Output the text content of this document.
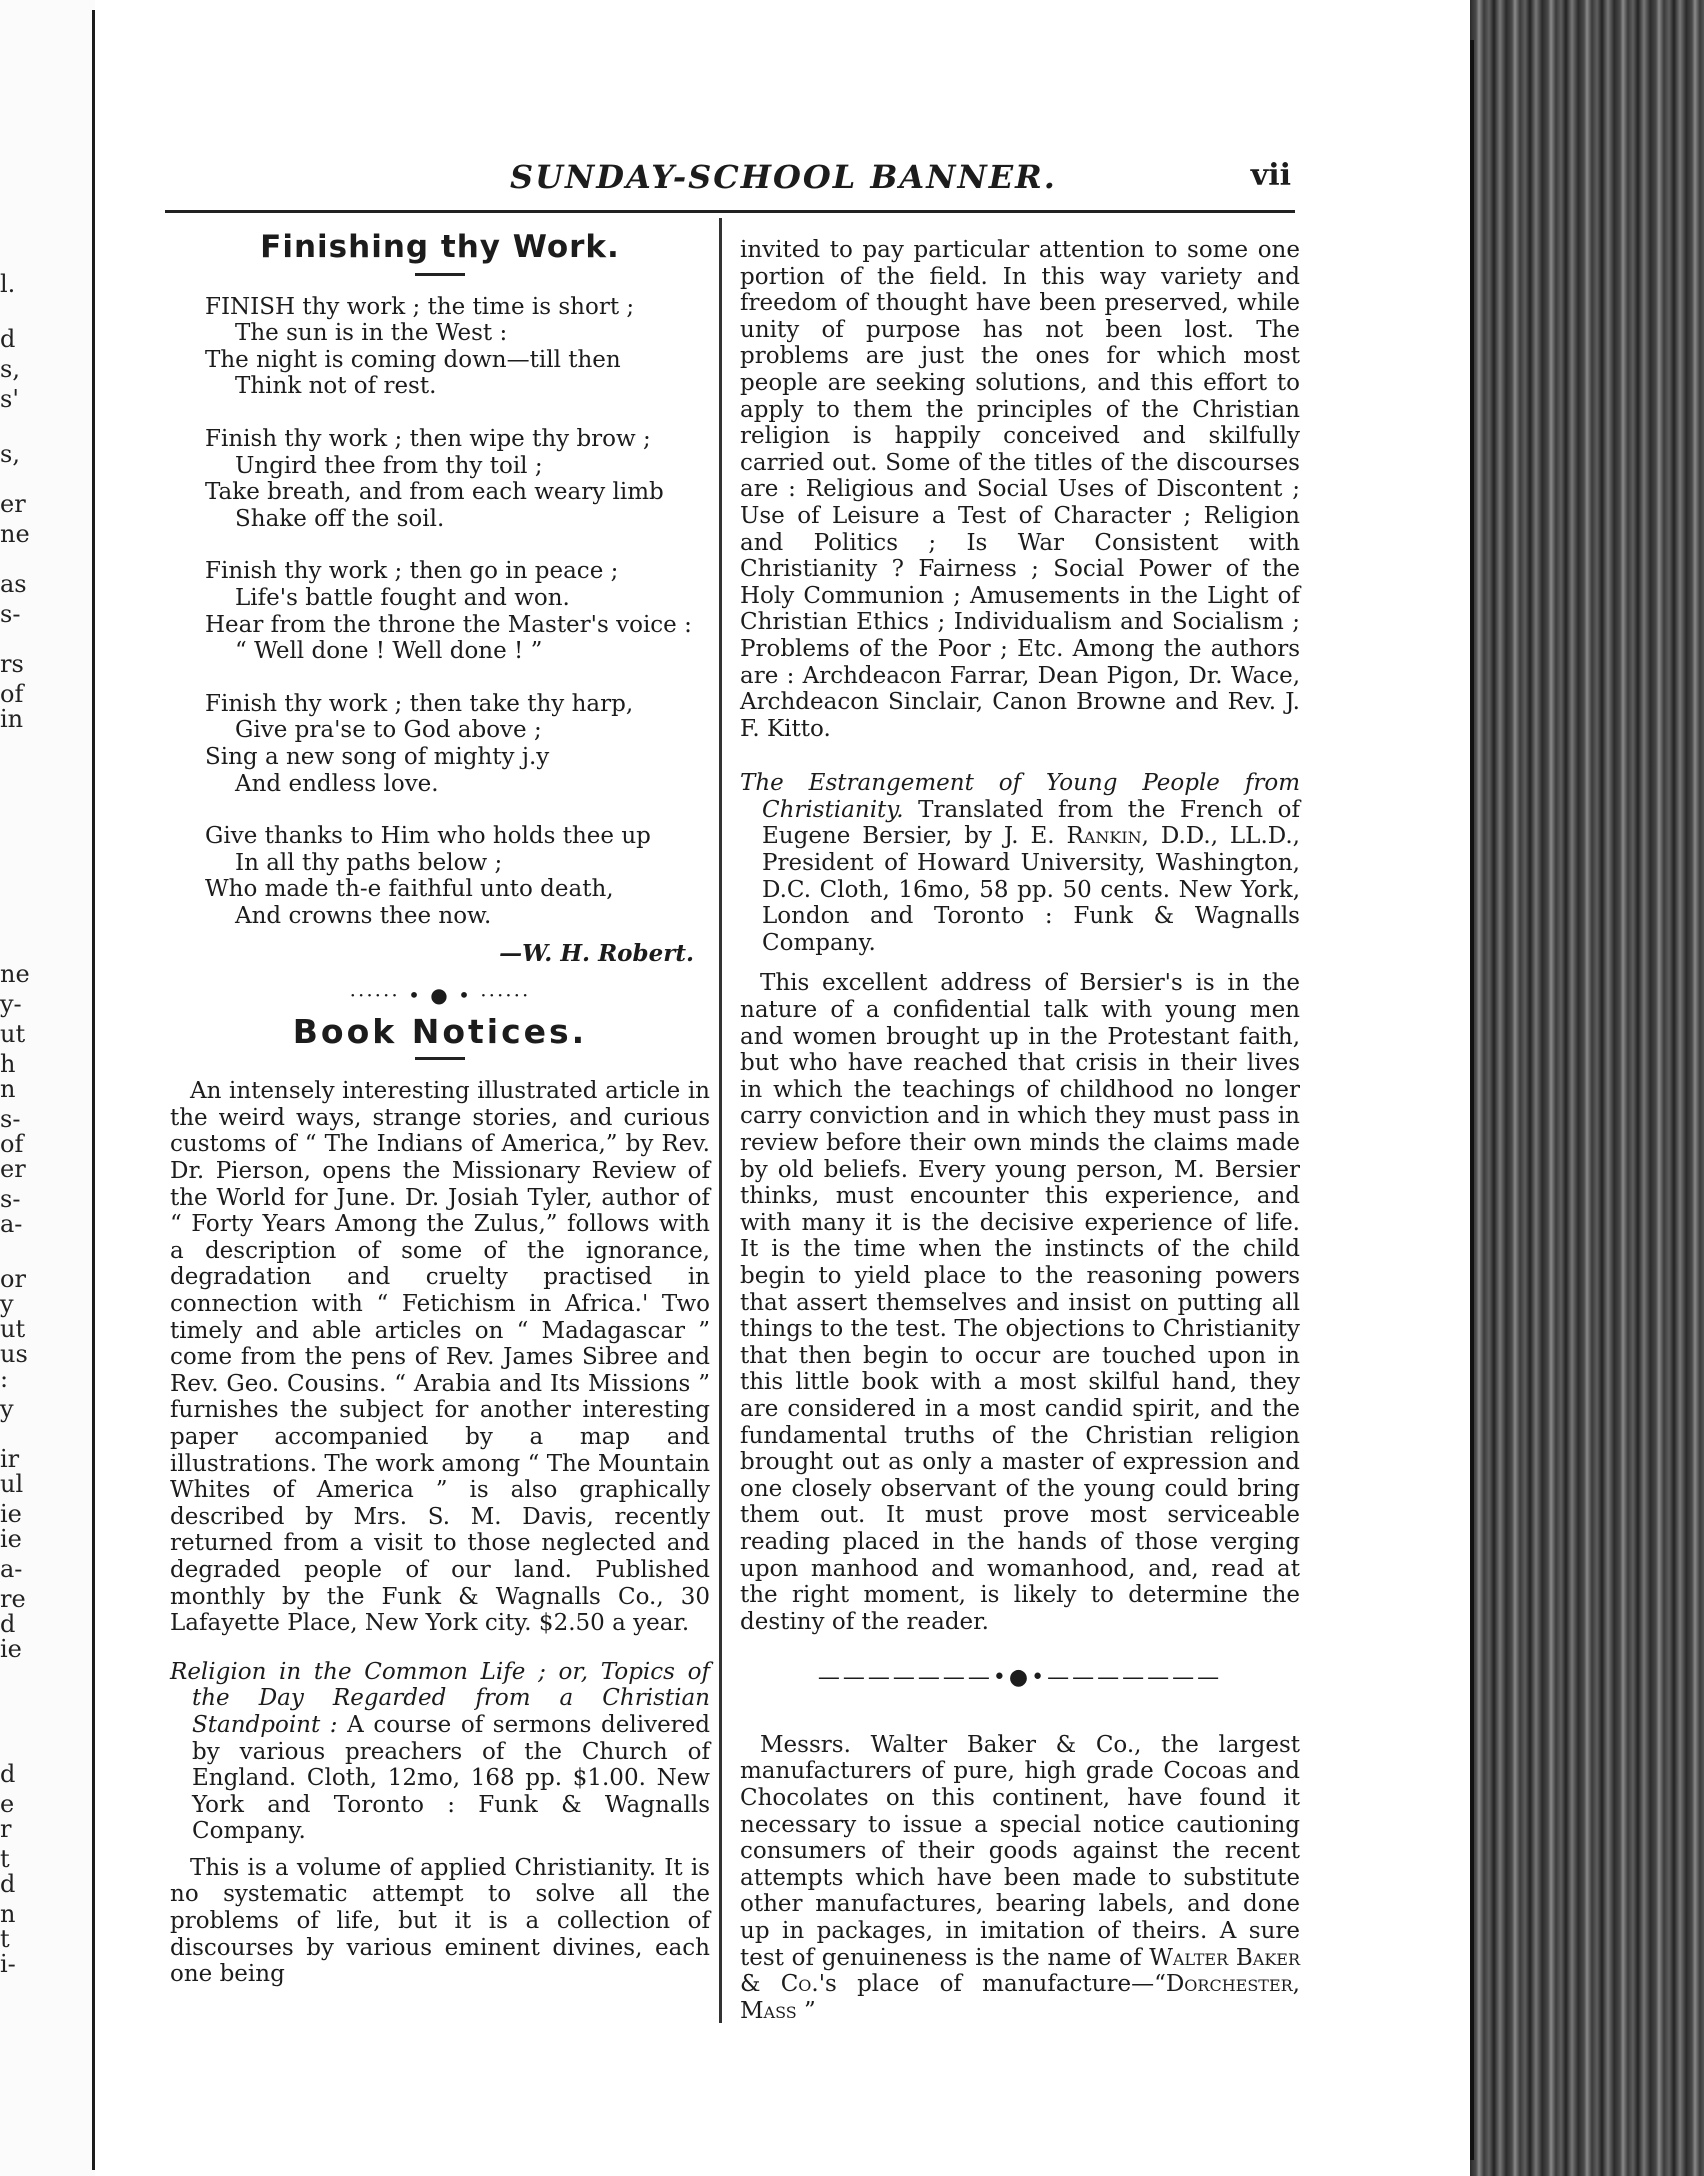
l.
d
s,
s'
s,
er
ne
as
s-
rs
of
in
ne
y-
ut
h
n
s-
of
er
s-
a-
or
y
ut
us
:
y
ir
ul
ie
ie
a-
re
d
ie
d
e
r
t
d
n
t
i-
SUNDAY-SCHOOL BANNER.	vii
Finishing thy Work.
FINISH thy work ; the time is short ;
The sun is in the West :
The night is coming down—till then
Think not of rest.
Finish thy work ; then wipe thy brow ;
Ungird thee from thy toil ;
Take breath, and from each weary limb
Shake off the soil.
Finish thy work ; then go in peace ;
Life's battle fought and won.
Hear from the throne the Master's voice :
“ Well done ! Well done ! ”
Finish thy work ; then take thy harp,
Give pra'se to God above ;
Sing a new song of mighty j.y
And endless love.
Give thanks to Him who holds thee up
In all thy paths below ;
Who made th-e faithful unto death,
And crowns thee now.
—W. H. Robert.
······ • ● • ······
Book Notices.

An intensely interesting illustrated article in the weird ways, strange stories, and curious customs of “ The Indians of America,” by Rev. Dr. Pierson, opens the Missionary Review of the World for June. Dr. Josiah Tyler, author of “ Forty Years Among the Zulus,” follows with a description of some of the ignorance, degradation and cruelty practised in connection with “ Fetichism in Africa.' Two timely and able articles on “ Madagascar ” come from the pens of Rev. James Sibree and Rev. Geo. Cousins. “ Arabia and Its Missions ” furnishes the subject for another interesting paper accompanied by a map and illustrations. The work among “ The Mountain Whites of America ” is also graphically described by Mrs. S. M. Davis, recently returned from a visit to those neglected and degraded people of our land. Published monthly by the Funk & Wagnalls Co., 30 Lafayette Place, New York city. $2.50 a year.

Religion in the Common Life ; or, Topics of the Day Regarded from a Christian Standpoint : A course of sermons delivered by various preachers of the Church of England. Cloth, 12mo, 168 pp. $1.00. New York and Toronto : Funk & Wagnalls Company.

This is a volume of applied Christianity. It is no systematic attempt to solve all the problems of life, but it is a collection of discourses by various eminent divines, each one being

invited to pay particular attention to some one portion of the field. In this way variety and freedom of thought have been preserved, while unity of purpose has not been lost. The problems are just the ones for which most people are seeking solutions, and this effort to apply to them the principles of the Christian religion is happily conceived and skilfully carried out. Some of the titles of the discourses are : Religious and Social Uses of Discontent ; Use of Leisure a Test of Character ; Religion and Politics ; Is War Consistent with Christianity ? Fairness ; Social Power of the Holy Communion ; Amusements in the Light of Christian Ethics ; Individualism and Socialism ; Problems of the Poor ; Etc. Among the authors are : Archdeacon Farrar, Dean Pigon, Dr. Wace, Archdeacon Sinclair, Canon Browne and Rev. J. F. Kitto.

The Estrangement of Young People from Christianity. Translated from the French of Eugene Bersier, by J. E. Rankin, D.D., LL.D., President of Howard University, Washington, D.C. Cloth, 16mo, 58 pp. 50 cents. New York, London and Toronto : Funk & Wagnalls Company.

This excellent address of Bersier's is in the nature of a confidential talk with young men and women brought up in the Protestant faith, but who have reached that crisis in their lives in which the teachings of childhood no longer carry conviction and in which they must pass in review before their own minds the claims made by old beliefs. Every young person, M. Bersier thinks, must encounter this experience, and with many it is the decisive experience of life. It is the time when the instincts of the child begin to yield place to the reasoning powers that assert themselves and insist on putting all things to the test. The objections to Christianity that then begin to occur are touched upon in this little book with a most skilful hand, they are considered in a most candid spirit, and the fundamental truths of the Christian religion brought out as only a master of expression and one closely observant of the young could bring them out. It must prove most serviceable reading placed in the hands of those verging upon manhood and womanhood, and, read at the right moment, is likely to determine the destiny of the reader.

———————•●•———————

Messrs. Walter Baker & Co., the largest manufacturers of pure, high grade Cocoas and Chocolates on this continent, have found it necessary to issue a special notice cautioning consumers of their goods against the recent attempts which have been made to substitute other manufactures, bearing labels, and done up in packages, in imitation of theirs. A sure test of genuineness is the name of Walter Baker & Co.'s place of manufacture—“Dorchester, Mass ”
